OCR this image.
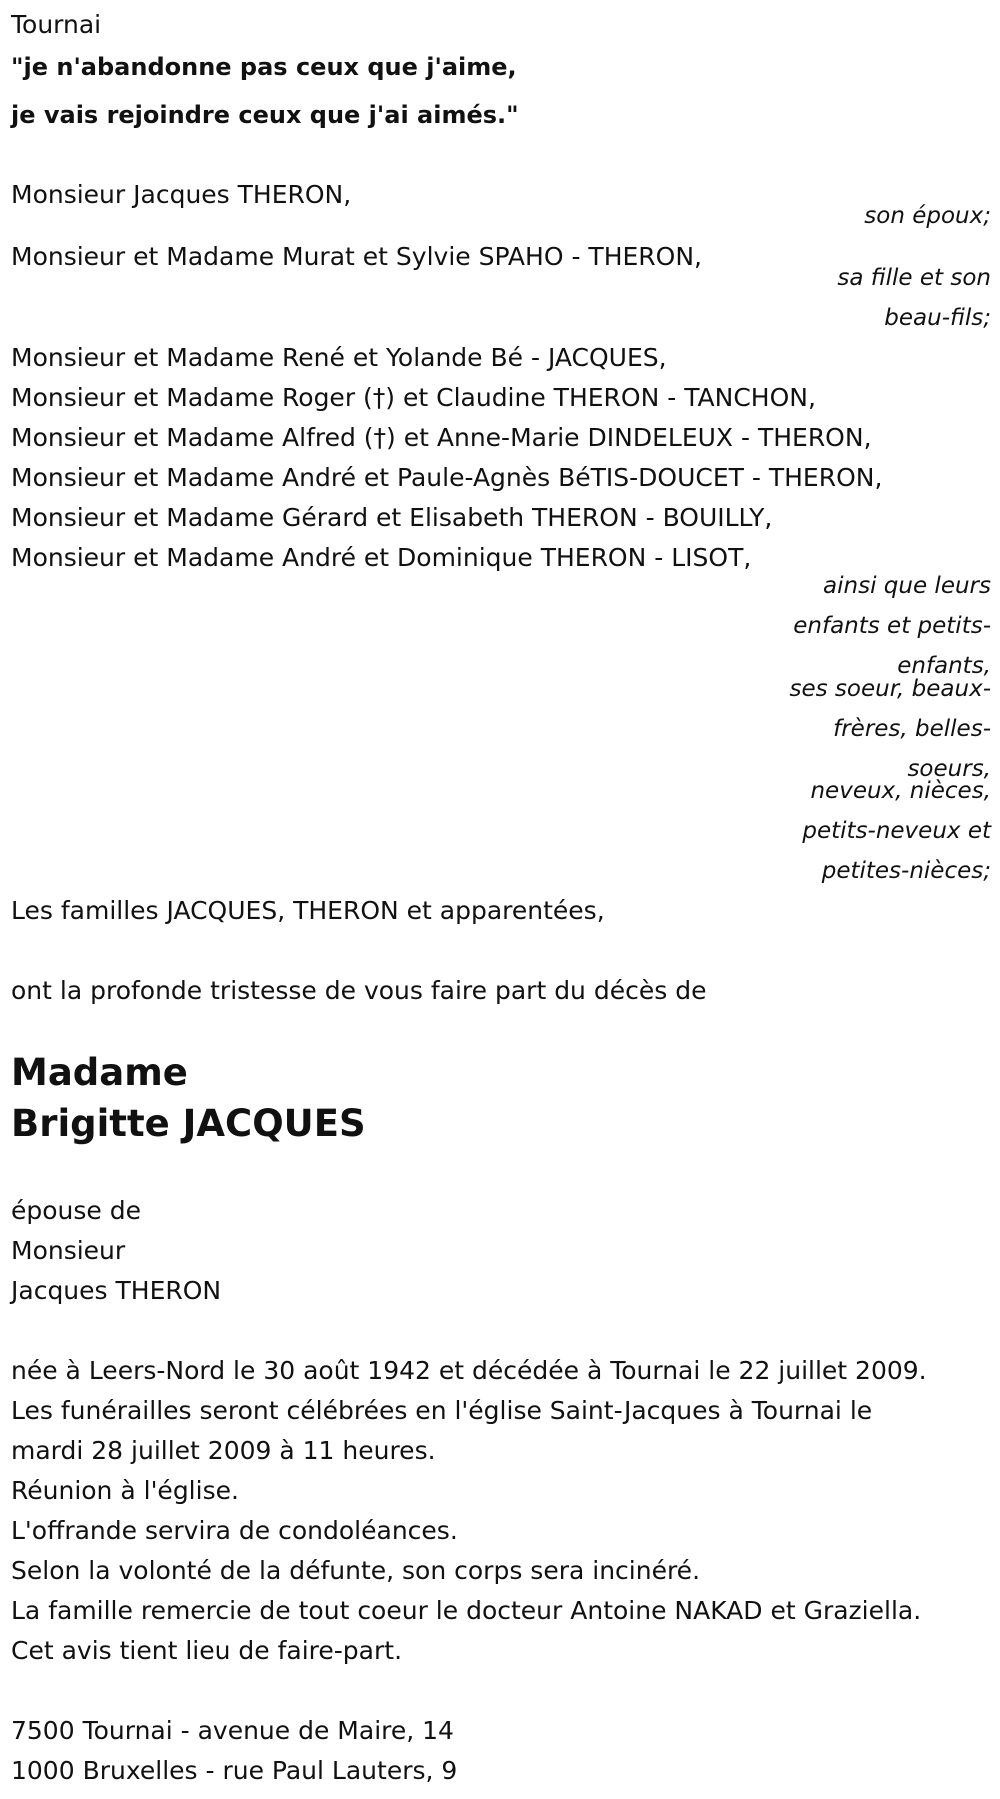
Tournai
"je n'abandonne pas ceux que j'aime,
je vais rejoindre ceux que j'ai aimés."
Monsieur Jacques THERON,
son époux;
Monsieur et Madame Murat et Sylvie SPAHO - THERON,
sa fille et son beau-fils;
Monsieur et Madame René et Yolande Bé - JACQUES,
Monsieur et Madame Roger (†) et Claudine THERON - TANCHON,
Monsieur et Madame Alfred (†) et Anne-Marie DINDELEUX - THERON,
Monsieur et Madame André et Paule-Agnès BéTIS-DOUCET - THERON,
Monsieur et Madame Gérard et Elisabeth THERON - BOUILLY,
Monsieur et Madame André et Dominique THERON - LISOT,
ainsi que leurs enfants et petits-enfants,
ses soeur, beaux-frères, belles-soeurs,
neveux, nièces, petits-neveux et petites-nièces;
Les familles JACQUES, THERON et apparentées,
ont la profonde tristesse de vous faire part du décès de
Madame
Brigitte JACQUES
épouse de
Monsieur
Jacques THERON
née à Leers-Nord le 30 août 1942 et décédée à Tournai le 22 juillet 2009.
Les funérailles seront célébrées en l'église Saint-Jacques à Tournai le
mardi 28 juillet 2009 à 11 heures.
Réunion à l'église.
L'offrande servira de condoléances.
Selon la volonté de la défunte, son corps sera incinéré.
La famille remercie de tout coeur le docteur Antoine NAKAD et Graziella.
Cet avis tient lieu de faire-part.
7500 Tournai - avenue de Maire, 14
1000 Bruxelles - rue Paul Lauters, 9
